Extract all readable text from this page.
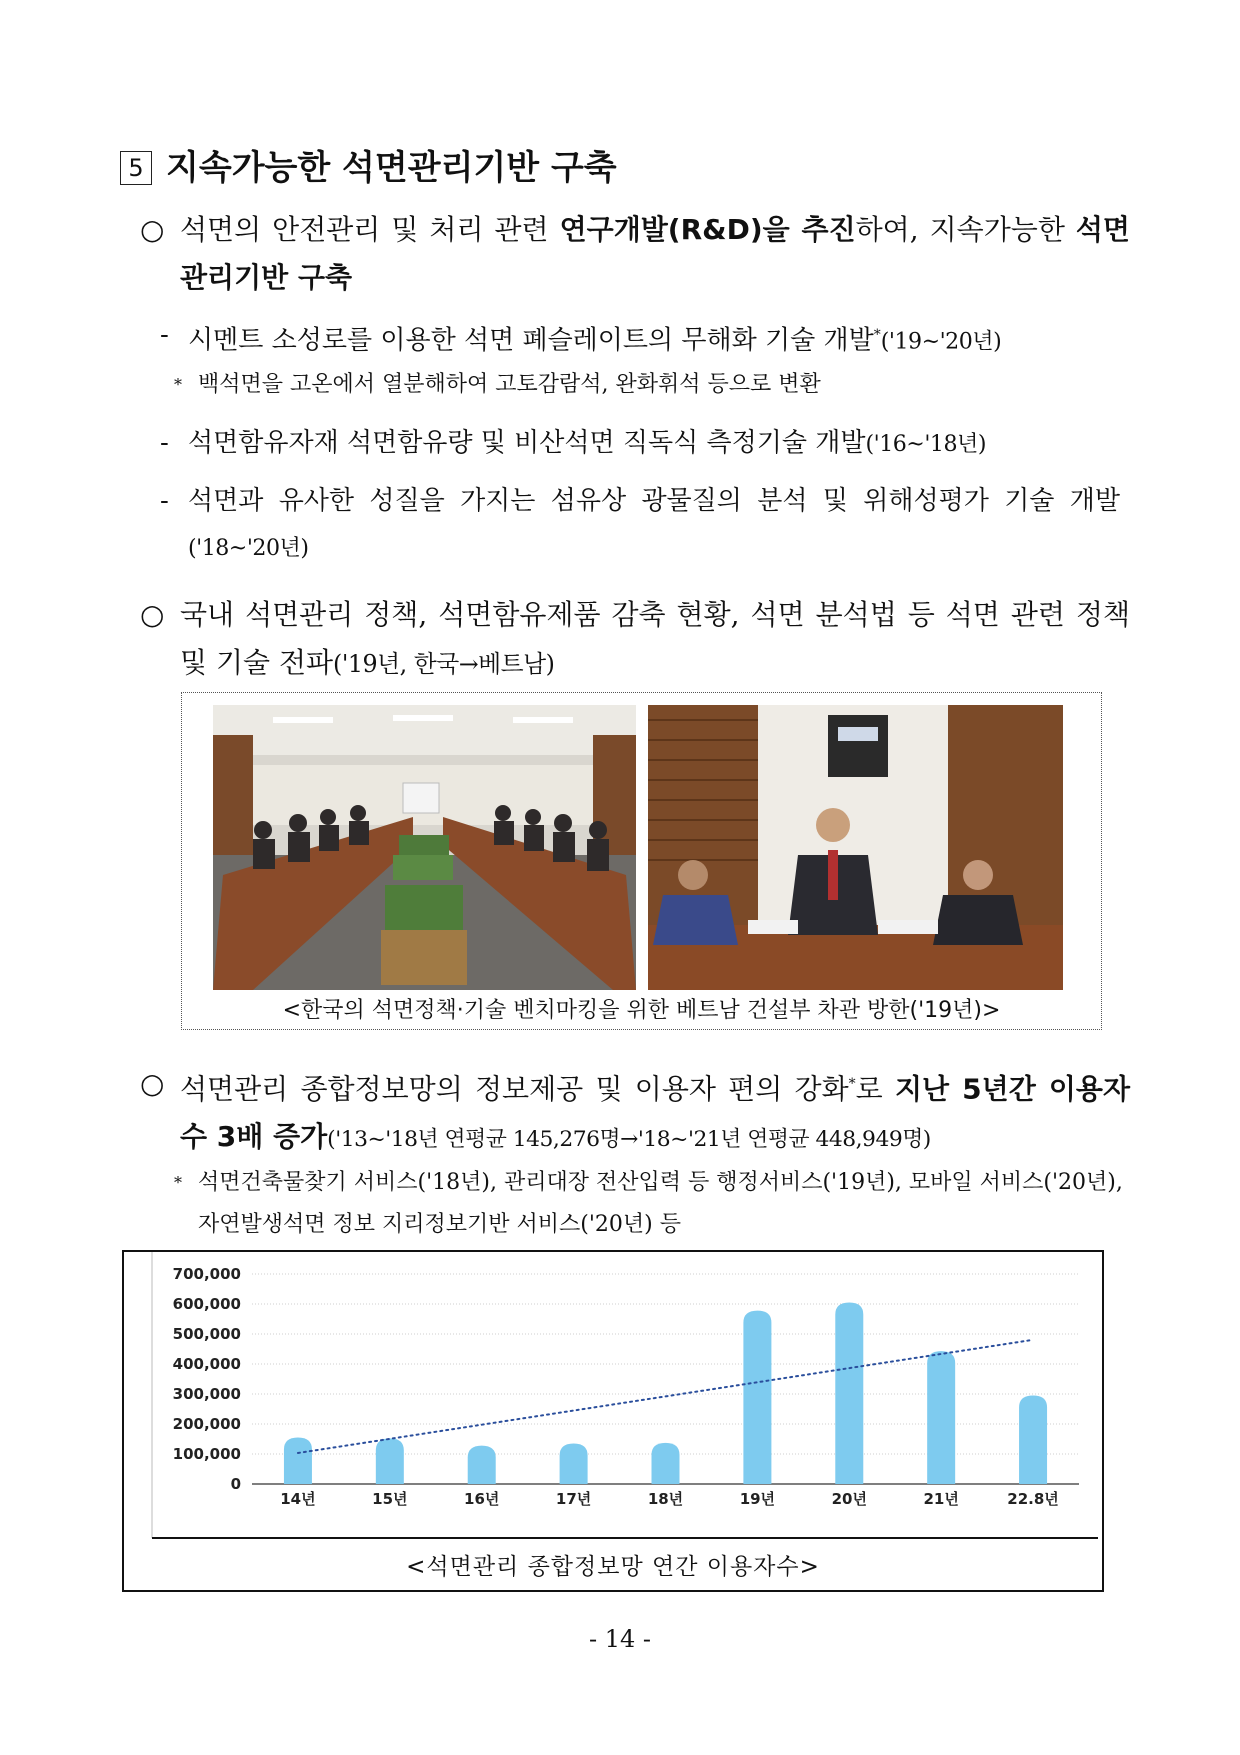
5 지속가능한 석면관리기반 구축
○ 석면의 안전관리 및 처리 관련 연구개발(R&D)을 추진하여, 지속가능한 석면관리기반 구축
- 시멘트 소성로를 이용한 석면 폐슬레이트의 무해화 기술 개발*('19~'20년)
* 백석면을 고온에서 열분해하여 고토감람석, 완화휘석 등으로 변환
- 석면함유자재 석면함유량 및 비산석면 직독식 측정기술 개발('16~'18년)
- 석면과 유사한 성질을 가지는 섬유상 광물질의 분석 및 위해성평가 기술 개발('18~'20년)
○ 국내 석면관리 정책, 석면함유제품 감축 현황, 석면 분석법 등 석면 관련 정책 및 기술 전파('19년, 한국→베트남)
<한국의 석면정책·기술 벤치마킹을 위한 베트남 건설부 차관 방한('19년)>
○ 석면관리 종합정보망의 정보제공 및 이용자 편의 강화*로 지난 5년간 이용자 수 3배 증가('13~'18년 연평균 145,276명→'18~'21년 연평균 448,949명)
* 석면건축물찾기 서비스('18년), 관리대장 전산입력 등 행정서비스('19년), 모바일 서비스('20년), 자연발생석면 정보 지리정보기반 서비스('20년) 등
0
100,000
200,000
300,000
400,000
500,000
600,000
700,000
14년	15년	16년	17년	18년	19년	20년	21년	22.8년
<석면관리 종합정보망 연간 이용자수>
- 14 -
